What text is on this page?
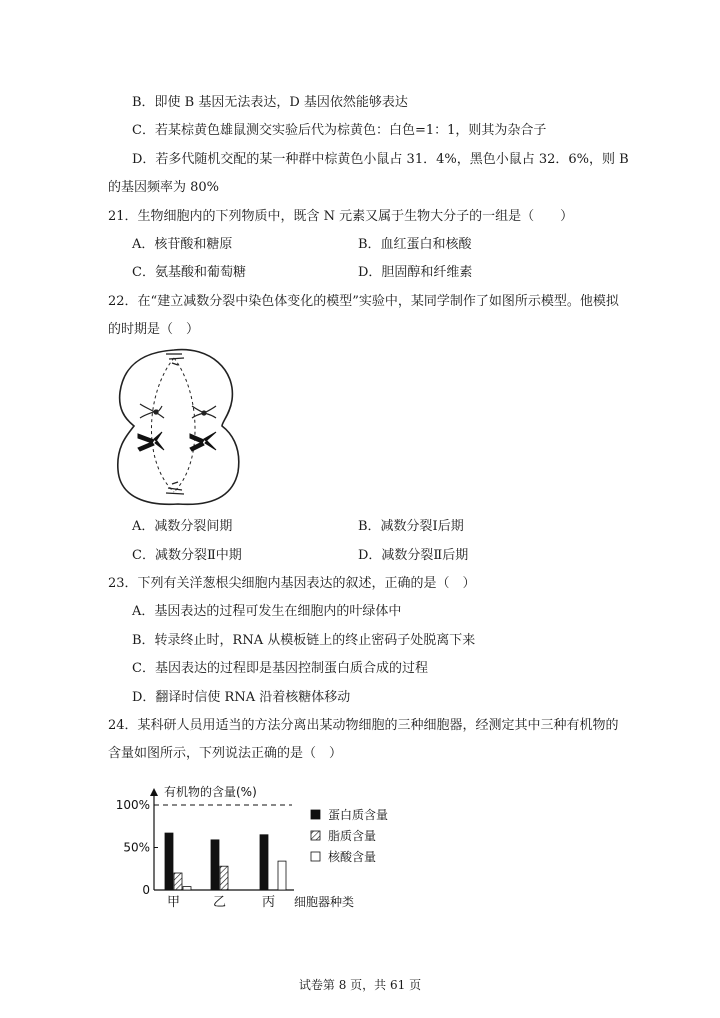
B．即使 B 基因无法表达，D 基因依然能够表达
C．若某棕黄色雄鼠测交实验后代为棕黄色：白色=1：1，则其为杂合子
D．若多代随机交配的某一种群中棕黄色小鼠占 31．4%，黑色小鼠占 32．6%，则 B
的基因频率为 80%
21．生物细胞内的下列物质中，既含 N 元素又属于生物大分子的一组是（　　）
A．核苷酸和糖原	B．血红蛋白和核酸
C．氨基酸和葡萄糖	D．胆固醇和纤维素
22．在“建立减数分裂中染色体变化的模型”实验中，某同学制作了如图所示模型。他模拟
的时期是（　）
A．减数分裂间期	B．减数分裂Ⅰ后期
C．减数分裂Ⅱ中期	D．减数分裂Ⅱ后期
23．下列有关洋葱根尖细胞内基因表达的叙述，正确的是（　）
A．基因表达的过程可发生在细胞内的叶绿体中
B．转录终止时，RNA 从模板链上的终止密码子处脱离下来
C．基因表达的过程即是基因控制蛋白质合成的过程
D．翻译时信使 RNA 沿着核糖体移动
24．某科研人员用适当的方法分离出某动物细胞的三种细胞器，经测定其中三种有机物的
含量如图所示，下列说法正确的是（　）
有机物的含量(%)
100%
50%
0
甲	乙	丙 细胞器种类
蛋白质含量
脂质含量
核酸含量
试卷第 8 页，共 61 页
